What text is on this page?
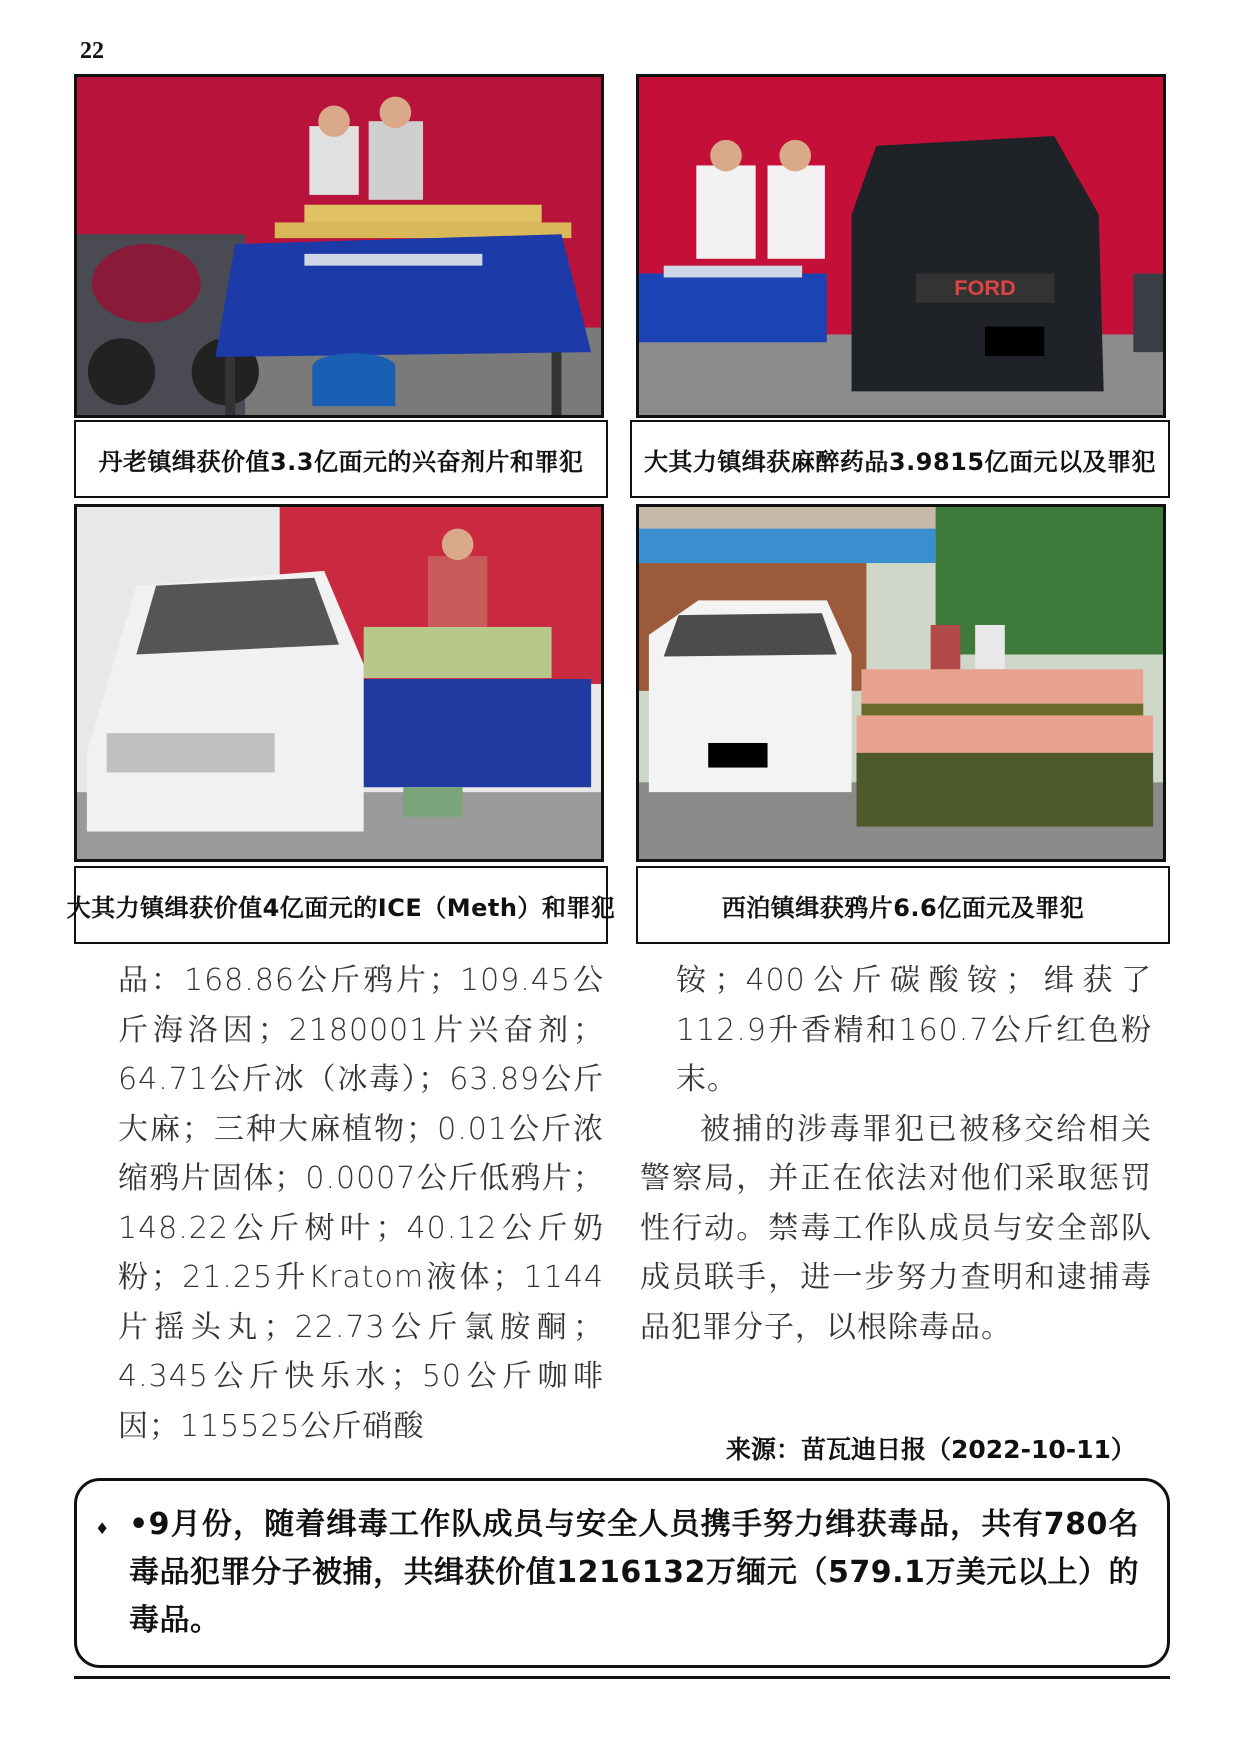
22
丹老镇缉获价值3.3亿面元的兴奋剂片和罪犯
FORD
大其力镇缉获麻醉药品3.9815亿面元以及罪犯
大其力镇缉获价值4亿面元的ICE（Meth）和罪犯	西泊镇缉获鸦片6.6亿面元及罪犯

品：168.86公斤鸦片；109.45公斤海洛因；2180001片兴奋剂；64.71公斤冰（冰毒）；63.89公斤大麻；三种大麻植物；0.01公斤浓缩鸦片固体；0.0007公斤低鸦片；148.22公斤树叶；40.12公斤奶粉；21.25升Kratom液体；1144片摇头丸；22.73公斤氯胺酮；4.345公斤快乐水；50公斤咖啡因；115525公斤硝酸

铵；400公斤碳酸铵；缉获了112.9升香精和160.7公斤红色粉末。

被捕的涉毒罪犯已被移交给相关警察局，并正在依法对他们采取惩罚性行动。禁毒工作队成员与安全部队成员联手，进一步努力查明和逮捕毒品犯罪分子，以根除毒品。

来源：苗瓦迪日报（2022-10-11）
♦ •9月份，随着缉毒工作队成员与安全人员携手努力缉获毒品，共有780名毒品犯罪分子被捕，共缉获价值1216132万缅元（579.1万美元以上）的毒品。
